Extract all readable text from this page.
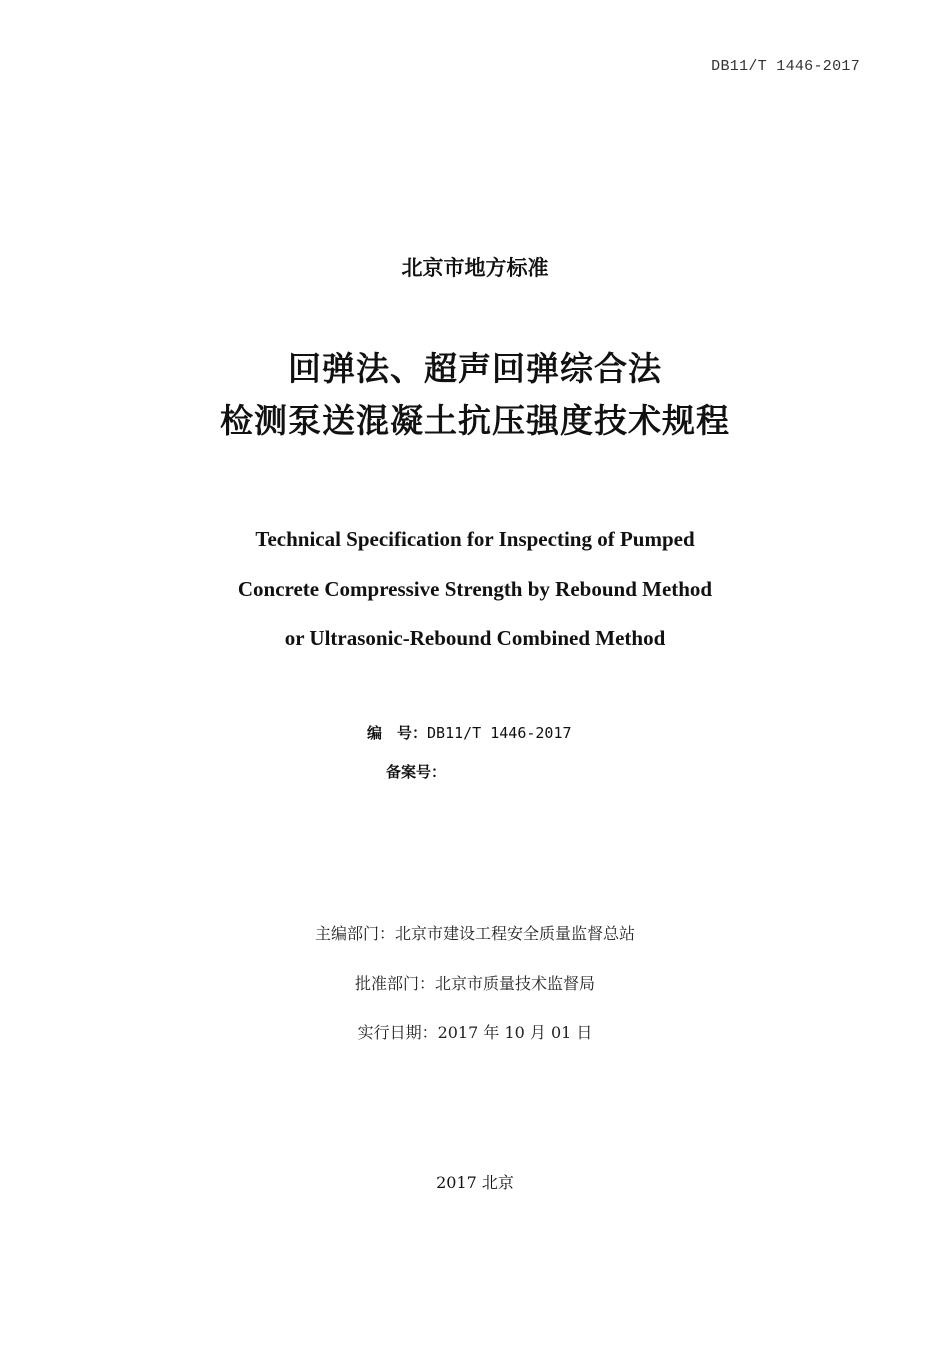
DB11/T 1446-2017
北京市地方标准
回弹法、超声回弹综合法
检测泵送混凝土抗压强度技术规程
Technical Specification for Inspecting of Pumped
Concrete Compressive Strength by Rebound Method
or Ultrasonic-Rebound Combined Method
编　号：DB11/T 1446-2017
备案号：
主编部门：北京市建设工程安全质量监督总站
批准部门：北京市质量技术监督局
实行日期：2017 年 10 月 01 日
2017 北京
